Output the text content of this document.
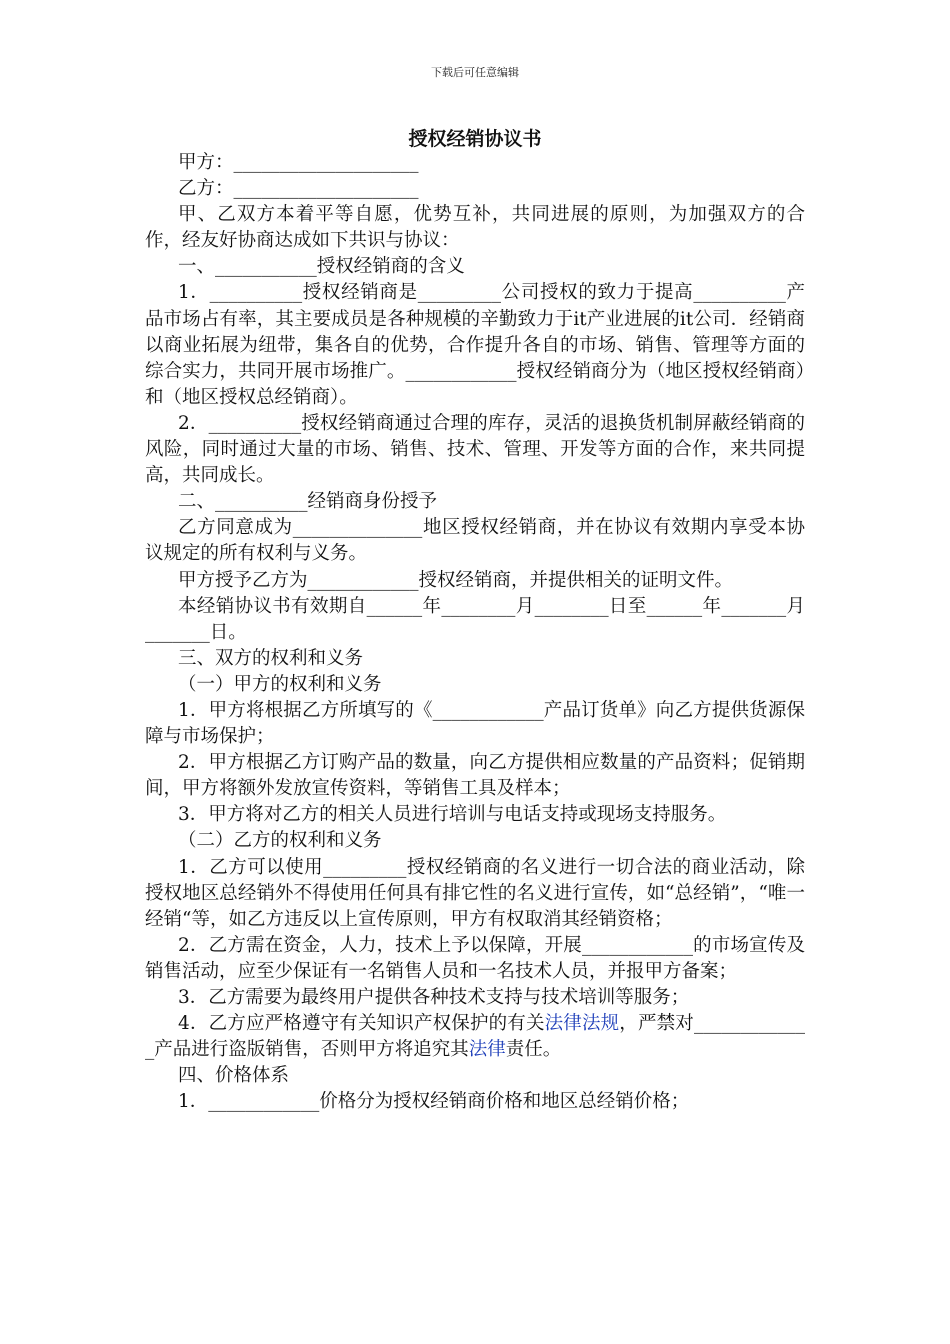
下载后可任意编辑
授权经销协议书

甲方：____________________

乙方：____________________

甲、乙双方本着平等自愿，优势互补，共同进展的原则，为加强双方的合作，经友好协商达成如下共识与协议：

一、___________授权经销商的含义

1．__________授权经销商是_________公司授权的致力于提高__________产品市场占有率，其主要成员是各种规模的辛勤致力于it产业进展的it公司．经销商以商业拓展为纽带，集各自的优势，合作提升各自的市场、销售、管理等方面的综合实力，共同开展市场推广。____________授权经销商分为（地区授权经销商）和（地区授权总经销商）。

2．__________授权经销商通过合理的库存，灵活的退换货机制屏蔽经销商的风险，同时通过大量的市场、销售、技术、管理、开发等方面的合作，来共同提高，共同成长。

二、__________经销商身份授予

乙方同意成为______________地区授权经销商，并在协议有效期内享受本协议规定的所有权利与义务。

甲方授予乙方为____________授权经销商，并提供相关的证明文件。

本经销协议书有效期自______年________月________日至______年_______月_______日。

三、双方的权利和义务

（一）甲方的权利和义务

1．甲方将根据乙方所填写的《____________产品订货单》向乙方提供货源保障与市场保护；

2．甲方根据乙方订购产品的数量，向乙方提供相应数量的产品资料；促销期间，甲方将额外发放宣传资料，等销售工具及样本；

3．甲方将对乙方的相关人员进行培训与电话支持或现场支持服务。

（二）乙方的权利和义务

1．乙方可以使用_________授权经销商的名义进行一切合法的商业活动，除授权地区总经销外不得使用任何具有排它性的名义进行宣传，如“总经销”，“唯一经销“等，如乙方违反以上宣传原则，甲方有权取消其经销资格；

2．乙方需在资金，人力，技术上予以保障，开展____________的市场宣传及销售活动，应至少保证有一名销售人员和一名技术人员，并报甲方备案；

3．乙方需要为最终用户提供各种技术支持与技术培训等服务；

4．乙方应严格遵守有关知识产权保护的有关法律法规，严禁对_____________产品进行盗版销售，否则甲方将追究其法律责任。

四、价格体系

1．____________价格分为授权经销商价格和地区总经销价格；
